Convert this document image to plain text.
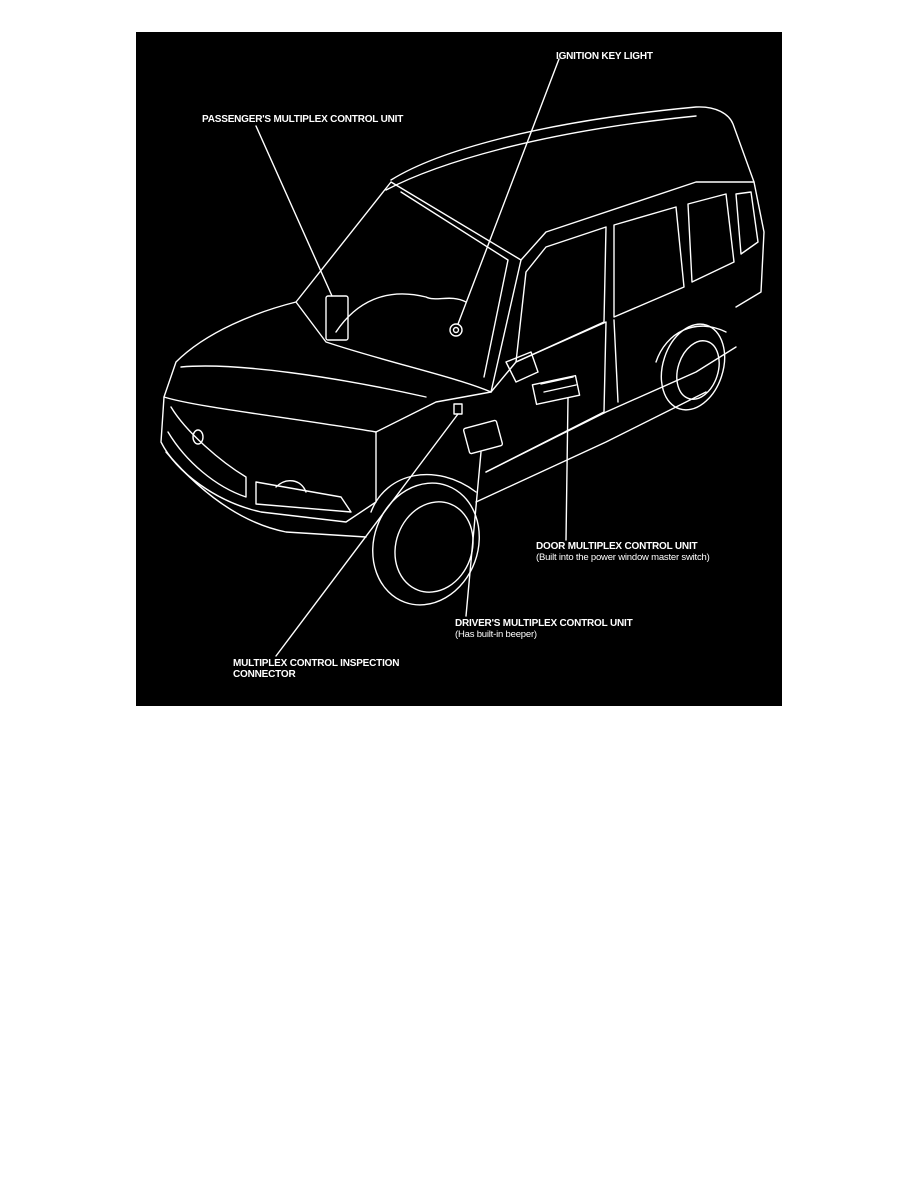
IGNITION KEY LIGHT
PASSENGER'S MULTIPLEX CONTROL UNIT
DOOR MULTIPLEX CONTROL UNIT
(Built into the power window master switch)
DRIVER'S MULTIPLEX CONTROL UNIT
(Has built-in beeper)
MULTIPLEX CONTROL INSPECTION
CONNECTOR
